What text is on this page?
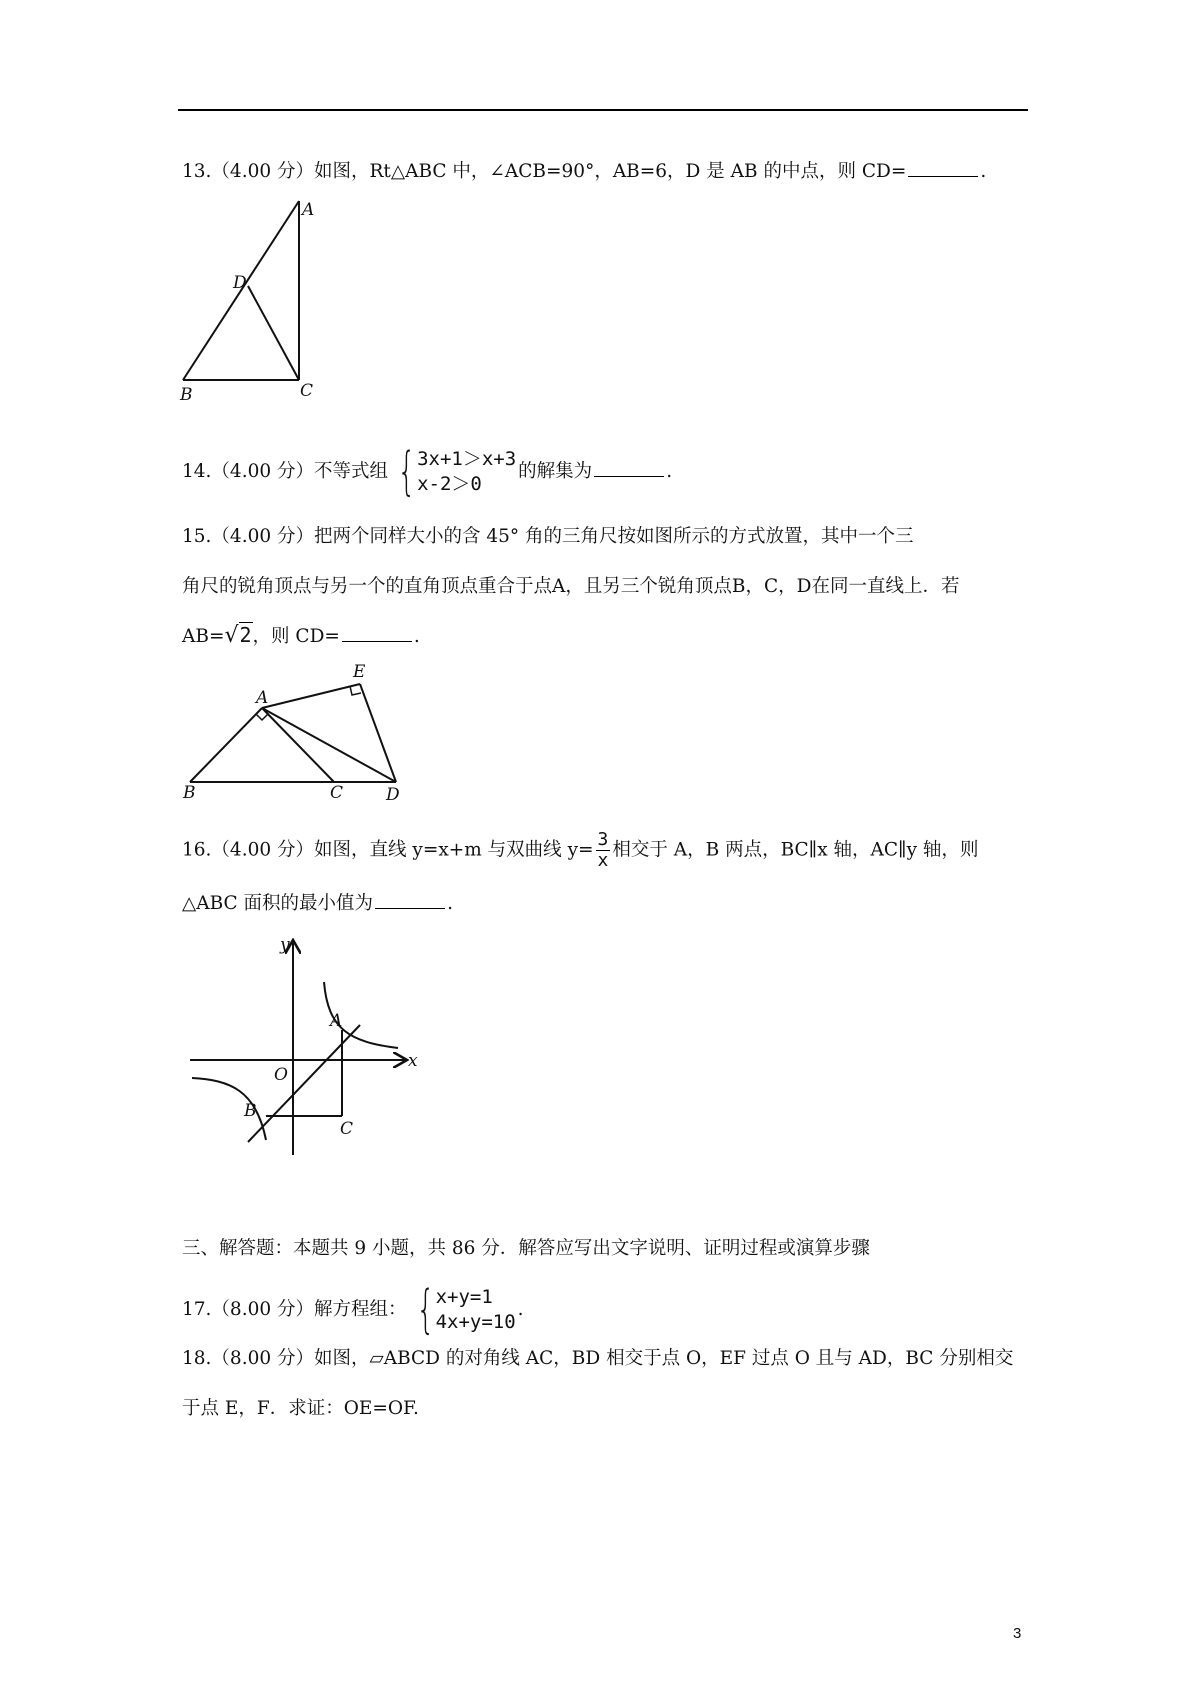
13.（4.00 分）如图，Rt△ABC 中，∠ACB=90°，AB=6，D 是 AB 的中点，则 CD=	.
A
D
B	C
14.（4.00 分）不等式组 { 3x+1＞x+3
x-2＞0
的解集为	.
15.（4.00 分）把两个同样大小的含 45° 角的三角尺按如图所示的方式放置，其中一个三
角尺的锐角顶点与另一个的直角顶点重合于点A，且另三个锐角顶点B，C，D在同一直线上．若
AB=√2，则 CD=	.
A
E
B	C	D
16.（4.00 分）如图，直线 y=x+m 与双曲线 $y= \frac{3}{x}$ 相交于 A，B 两点，BC∥x 轴，AC∥y 轴，则
△ABC 面积的最小值为	.
y
x
O
A
B
C
三、解答题：本题共 9 小题，共 86 分．解答应写出文字说明、证明过程或演算步骤
17.（8.00 分）解方程组： { x+y=1
4x+y=10
.
18.（8.00 分）如图，▱ABCD 的对角线 AC，BD 相交于点 O，EF 过点 O 且与 AD，BC 分别相交
于点 E，F．求证：OE=OF.
3
